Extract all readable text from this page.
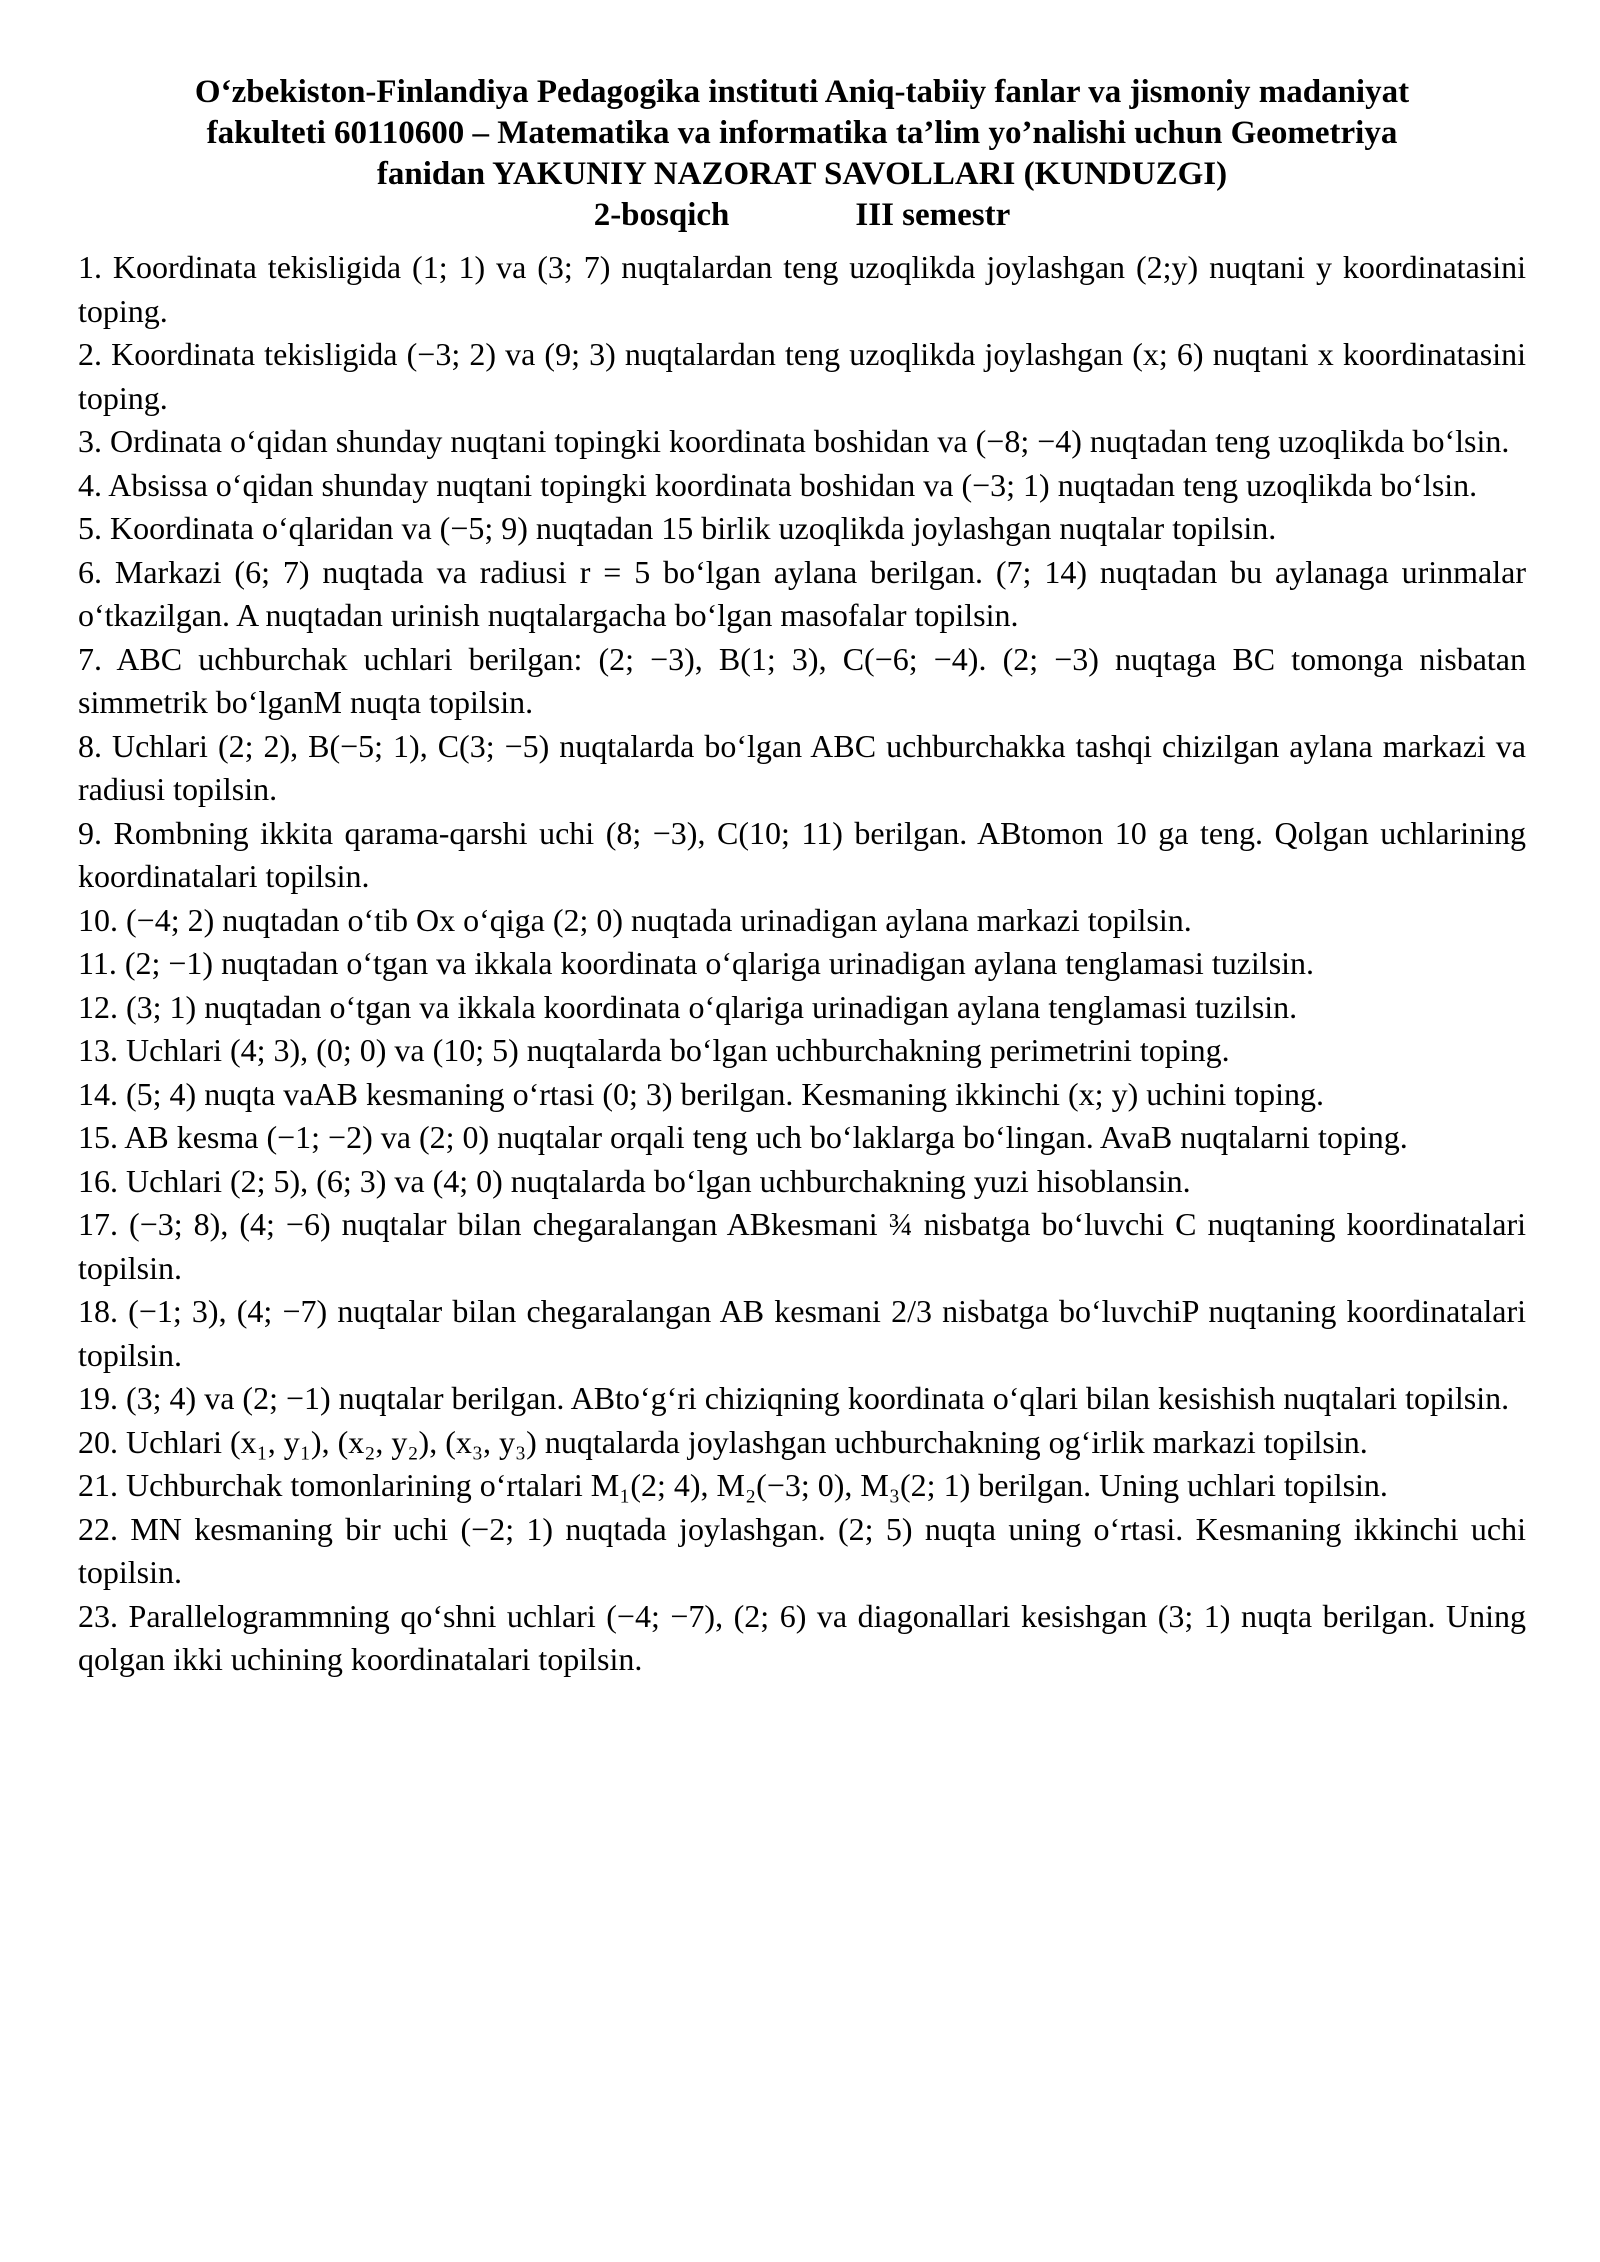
O‘zbekiston-Finlandiya Pedagogika instituti Aniq-tabiiy fanlar va jismoniy madaniyat
fakulteti 60110600 – Matematika va informatika ta’lim yo’nalishi uchun Geometriya
fanidan YAKUNIY NAZORAT SAVOLLARI (KUNDUZGI)
2-bosqich	III semestr

1. Koordinata tekisligida (1; 1) va (3; 7) nuqtalardan teng uzoqlikda joylashgan (2;y) nuqtani y koordinatasini toping.

2. Koordinata tekisligida (−3; 2) va (9; 3) nuqtalardan teng uzoqlikda joylashgan (x; 6) nuqtani x koordinatasini toping.

3. Ordinata o‘qidan shunday nuqtani topingki koordinata boshidan va (−8; −4) nuqtadan teng uzoqlikda bo‘lsin.

4. Absissa o‘qidan shunday nuqtani topingki koordinata boshidan va (−3; 1) nuqtadan teng uzoqlikda bo‘lsin.

5. Koordinata o‘qlaridan va (−5; 9) nuqtadan 15 birlik uzoqlikda joylashgan nuqtalar topilsin.

6. Markazi (6; 7) nuqtada va radiusi r = 5 bo‘lgan aylana berilgan. (7; 14) nuqtadan bu aylanaga urinmalar o‘tkazilgan. A nuqtadan urinish nuqtalargacha bo‘lgan masofalar topilsin.

7. ABC uchburchak uchlari berilgan: (2; −3), B(1; 3), C(−6; −4). (2; −3) nuqtaga BC tomonga nisbatan simmetrik bo‘lganM nuqta topilsin.

8. Uchlari (2; 2), B(−5; 1), C(3; −5) nuqtalarda bo‘lgan ABC uchburchakka tashqi chizilgan aylana markazi va radiusi topilsin.

9. Rombning ikkita qarama-qarshi uchi (8; −3), C(10; 11) berilgan. ABtomon 10 ga teng. Qolgan uchlarining koordinatalari topilsin.

10. (−4; 2) nuqtadan o‘tib Ox o‘qiga (2; 0) nuqtada urinadigan aylana markazi topilsin.

11. (2; −1) nuqtadan o‘tgan va ikkala koordinata o‘qlariga urinadigan aylana tenglamasi tuzilsin.

12. (3; 1) nuqtadan o‘tgan va ikkala koordinata o‘qlariga urinadigan aylana tenglamasi tuzilsin.

13. Uchlari (4; 3), (0; 0) va (10; 5) nuqtalarda bo‘lgan uchburchakning perimetrini toping.

14. (5; 4) nuqta vaAB kesmaning o‘rtasi (0; 3) berilgan. Kesmaning ikkinchi (x; y) uchini toping.

15. AB kesma (−1; −2) va (2; 0) nuqtalar orqali teng uch bo‘laklarga bo‘lingan. AvaB nuqtalarni toping.

16. Uchlari (2; 5), (6; 3) va (4; 0) nuqtalarda bo‘lgan uchburchakning yuzi hisoblansin.

17. (−3; 8), (4; −6) nuqtalar bilan chegaralangan ABkesmani ¾ nisbatga bo‘luvchi C nuqtaning koordinatalari topilsin.

18. (−1; 3), (4; −7) nuqtalar bilan chegaralangan AB kesmani 2/3 nisbatga bo‘luvchiP nuqtaning koordinatalari topilsin.

19. (3; 4) va (2; −1) nuqtalar berilgan. ABto‘g‘ri chiziqning koordinata o‘qlari bilan kesishish nuqtalari topilsin.

20. Uchlari (x₁, y₁), (x₂, y₂), (x₃, y₃) nuqtalarda joylashgan uchburchakning og‘irlik markazi topilsin.

21. Uchburchak tomonlarining o‘rtalari M₁(2; 4), M₂(−3; 0), M₃(2; 1) berilgan. Uning uchlari topilsin.

22. MN kesmaning bir uchi (−2; 1) nuqtada joylashgan. (2; 5) nuqta uning o‘rtasi. Kesmaning ikkinchi uchi topilsin.

23. Parallelogrammning qo‘shni uchlari (−4; −7), (2; 6) va diagonallari kesishgan (3; 1) nuqta berilgan. Uning qolgan ikki uchining koordinatalari topilsin.
